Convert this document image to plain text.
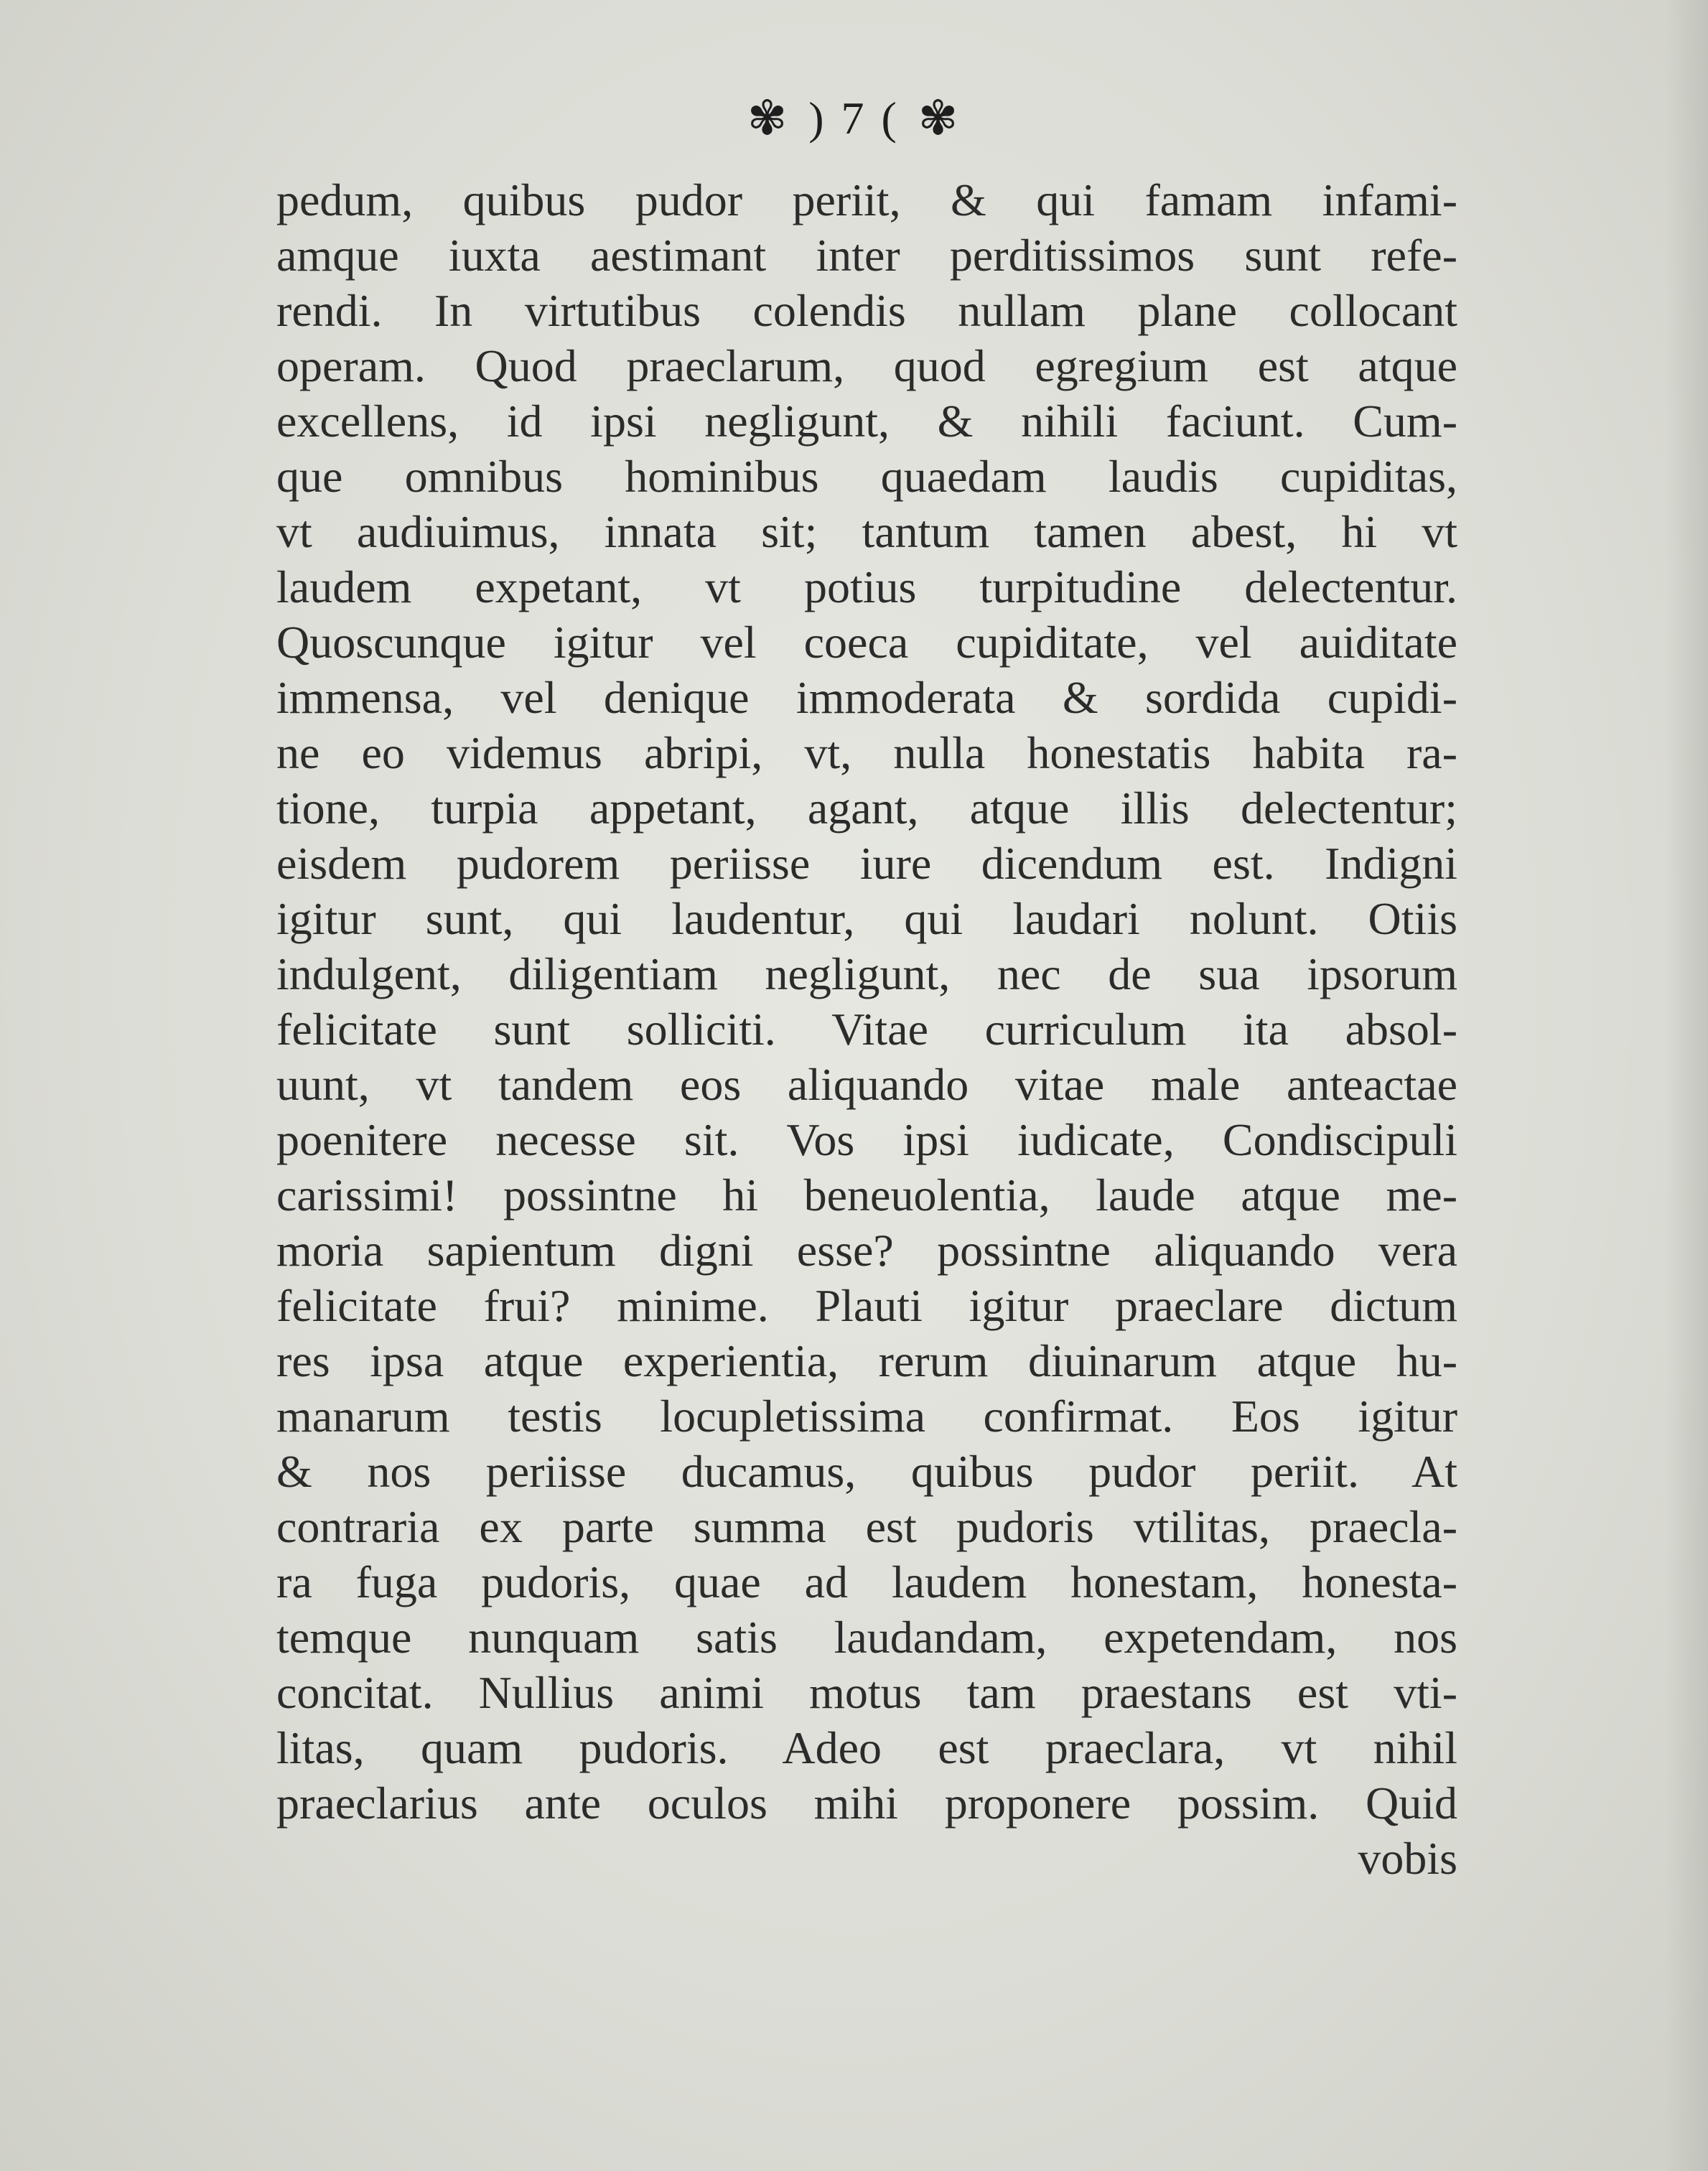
✾ ) 7 ( ✾
pedum, quibus pudor periit, & qui famam infami-
amque iuxta aestimant inter perditissimos sunt refe-
rendi. In virtutibus colendis nullam plane collocant
operam. Quod praeclarum, quod egregium est atque
excellens, id ipsi negligunt, & nihili faciunt. Cum-
que omnibus hominibus quaedam laudis cupiditas,
vt audiuimus, innata sit; tantum tamen abest, hi vt
laudem expetant, vt potius turpitudine delectentur.
Quoscunque igitur vel coeca cupiditate, vel auiditate
immensa, vel denique immoderata & sordida cupidi-
ne eo videmus abripi, vt, nulla honestatis habita ra-
tione, turpia appetant, agant, atque illis delectentur;
eisdem pudorem periisse iure dicendum est. Indigni
igitur sunt, qui laudentur, qui laudari nolunt. Otiis
indulgent, diligentiam negligunt, nec de sua ipsorum
felicitate sunt solliciti. Vitae curriculum ita absol-
uunt, vt tandem eos aliquando vitae male anteactae
poenitere necesse sit. Vos ipsi iudicate, Condiscipuli
carissimi! possintne hi beneuolentia, laude atque me-
moria sapientum digni esse? possintne aliquando vera
felicitate frui? minime. Plauti igitur praeclare dictum
res ipsa atque experientia, rerum diuinarum atque hu-
manarum testis locupletissima confirmat. Eos igitur
& nos periisse ducamus, quibus pudor periit. At
contraria ex parte summa est pudoris vtilitas, praecla-
ra fuga pudoris, quae ad laudem honestam, honesta-
temque nunquam satis laudandam, expetendam, nos
concitat. Nullius animi motus tam praestans est vti-
litas, quam pudoris. Adeo est praeclara, vt nihil
praeclarius ante oculos mihi proponere possim. Quid
vobis
